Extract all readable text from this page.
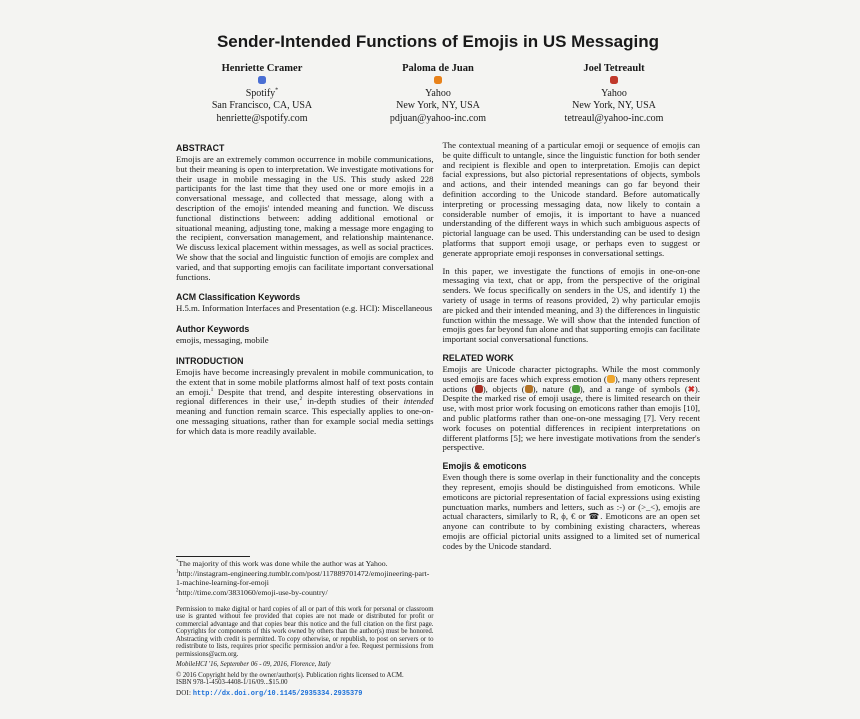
Sender-Intended Functions of Emojis in US Messaging
Henriette Cramer
Spotify*
San Francisco, CA, USA
henriette@spotify.com
Paloma de Juan
Yahoo
New York, NY, USA
pdjuan@yahoo-inc.com
Joel Tetreault
Yahoo
New York, NY, USA
tetreaul@yahoo-inc.com
ABSTRACT

Emojis are an extremely common occurrence in mobile communications, but their meaning is open to interpretation. We investigate motivations for their usage in mobile messaging in the US. This study asked 228 participants for the last time that they used one or more emojis in a conversational message, and collected that message, along with a description of the emojis' intended meaning and function. We discuss functional distinctions between: adding additional emotional or situational meaning, adjusting tone, making a message more engaging to the recipient, conversation management, and relationship maintenance. We discuss lexical placement within messages, as well as social practices. We show that the social and linguistic function of emojis are complex and varied, and that supporting emojis can facilitate important conversational functions.

ACM Classification Keywords

H.5.m. Information Interfaces and Presentation (e.g. HCI): Miscellaneous

Author Keywords

emojis, messaging, mobile

INTRODUCTION

Emojis have become increasingly prevalent in mobile communication, to the extent that in some mobile platforms almost half of text posts contain an emoji.$^1$ Despite that trend, and despite interesting observations in regional differences in their use,$^2$ in-depth studies of their intended meaning and function remain scarce. This especially applies to one-on-one messaging situations, rather than for example social media settings for which data is more readily available.

*The majority of this work was done while the author was at Yahoo.

$^1$http://instagram-engineering.tumblr.com/post/117889701472/emojineering-part-1-machine-learning-for-emoji

$^2$http://time.com/3831060/emoji-use-by-country/

Permission to make digital or hard copies of all or part of this work for personal or classroom use is granted without fee provided that copies are not made or distributed for profit or commercial advantage and that copies bear this notice and the full citation on the first page. Copyrights for components of this work owned by others than the author(s) must be honored. Abstracting with credit is permitted. To copy otherwise, or republish, to post on servers or to redistribute to lists, requires prior specific permission and/or a fee. Request permissions from permissions@acm.org.

MobileHCI '16, September 06 - 09, 2016, Florence, Italy

© 2016 Copyright held by the owner/author(s). Publication rights licensed to ACM.
ISBN 978-1-4503-4408-1/16/09...$15.00

DOI: http://dx.doi.org/10.1145/2935334.2935379

The contextual meaning of a particular emoji or sequence of emojis can be quite difficult to untangle, since the linguistic function for both sender and recipient is flexible and open to interpretation. Emojis can depict facial expressions, but also pictorial representations of objects, symbols and actions, and their intended meanings can go far beyond their definition according to the Unicode standard. Before automatically interpreting or processing messaging data, now likely to contain a considerable number of emojis, it is important to have a nuanced understanding of the different ways in which such ambiguous aspects of pictorial language can be used. This understanding can be used to design platforms that support emoji usage, or perhaps even to suggest or generate appropriate emoji responses in conversational settings.

In this paper, we investigate the functions of emojis in one-on-one messaging via text, chat or app, from the perspective of the original senders. We focus specifically on senders in the US, and identify 1) the variety of usage in terms of reasons provided, 2) why particular emojis are picked and their intended meaning, and 3) the differences in linguistic function within the message. We will show that the intended function of emojis goes far beyond fun alone and that supporting emojis can facilitate important social conversational functions.

RELATED WORK

Emojis are Unicode character pictographs. While the most commonly used emojis are faces which express emotion ( ), many others represent actions ( ), objects ( ), nature ( ), and a range of symbols (✖). Despite the marked rise of emoji usage, there is limited research on their use, with most prior work focusing on emoticons rather than emojis [10], and public platforms rather than one-on-one messaging [7]. Very recent work focuses on potential differences in recipient interpretations on different platforms [5]; we here investigate motivations from the sender's perspective.

Emojis & emoticons

Even though there is some overlap in their functionality and the concepts they represent, emojis should be distinguished from emoticons. While emoticons are pictorial representation of facial expressions using existing punctuation marks, numbers and letters, such as :-) or (>_<), emojis are actual characters, similarly to R, ϕ, € or ☎. Emoticons are an open set anyone can contribute to by combining existing characters, whereas emojis are official pictorial units assigned to a limited set of numerical codes by the Unicode standard.
